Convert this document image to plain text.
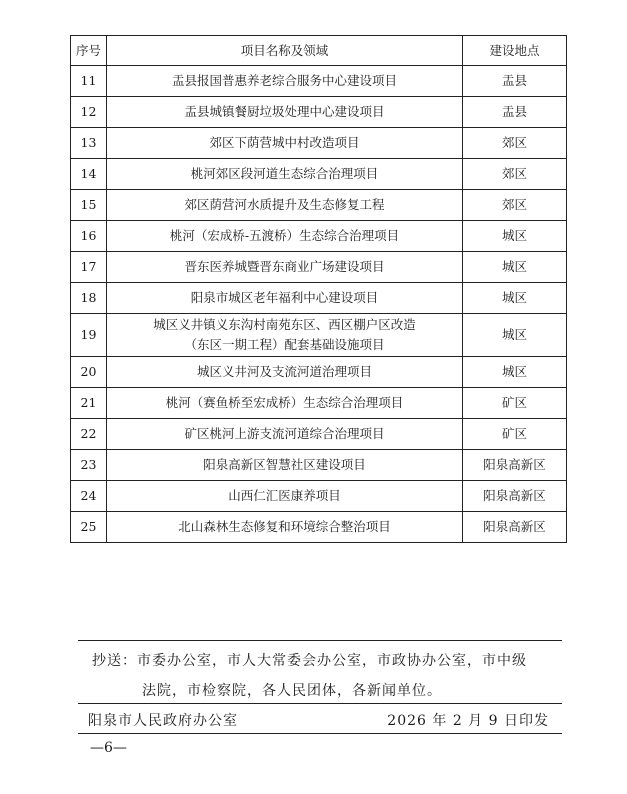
序号	项目名称及领域	建设地点
11	盂县报国普惠养老综合服务中心建设项目	盂县
12	盂县城镇餐厨垃圾处理中心建设项目	盂县
13	郊区下荫营城中村改造项目	郊区
14	桃河郊区段河道生态综合治理项目	郊区
15	郊区荫营河水质提升及生态修复工程	郊区
16	桃河（宏成桥-五渡桥）生态综合治理项目	城区
17	晋东医养城暨晋东商业广场建设项目	城区
18	阳泉市城区老年福利中心建设项目	城区
19	城区义井镇义东沟村南苑东区、西区棚户区改造
（东区一期工程）配套基础设施项目	城区
20	城区义井河及支流河道治理项目	城区
21	桃河（赛鱼桥至宏成桥）生态综合治理项目	矿区
22	矿区桃河上游支流河道综合治理项目	矿区
23	阳泉高新区智慧社区建设项目	阳泉高新区
24	山西仁汇医康养项目	阳泉高新区
25	北山森林生态修复和环境综合整治项目	阳泉高新区
抄送：市委办公室，市人大常委会办公室，市政协办公室，市中级
法院，市检察院，各人民团体，各新闻单位。
阳泉市人民政府办公室	2026 年 2 月 9 日印发
—6—
